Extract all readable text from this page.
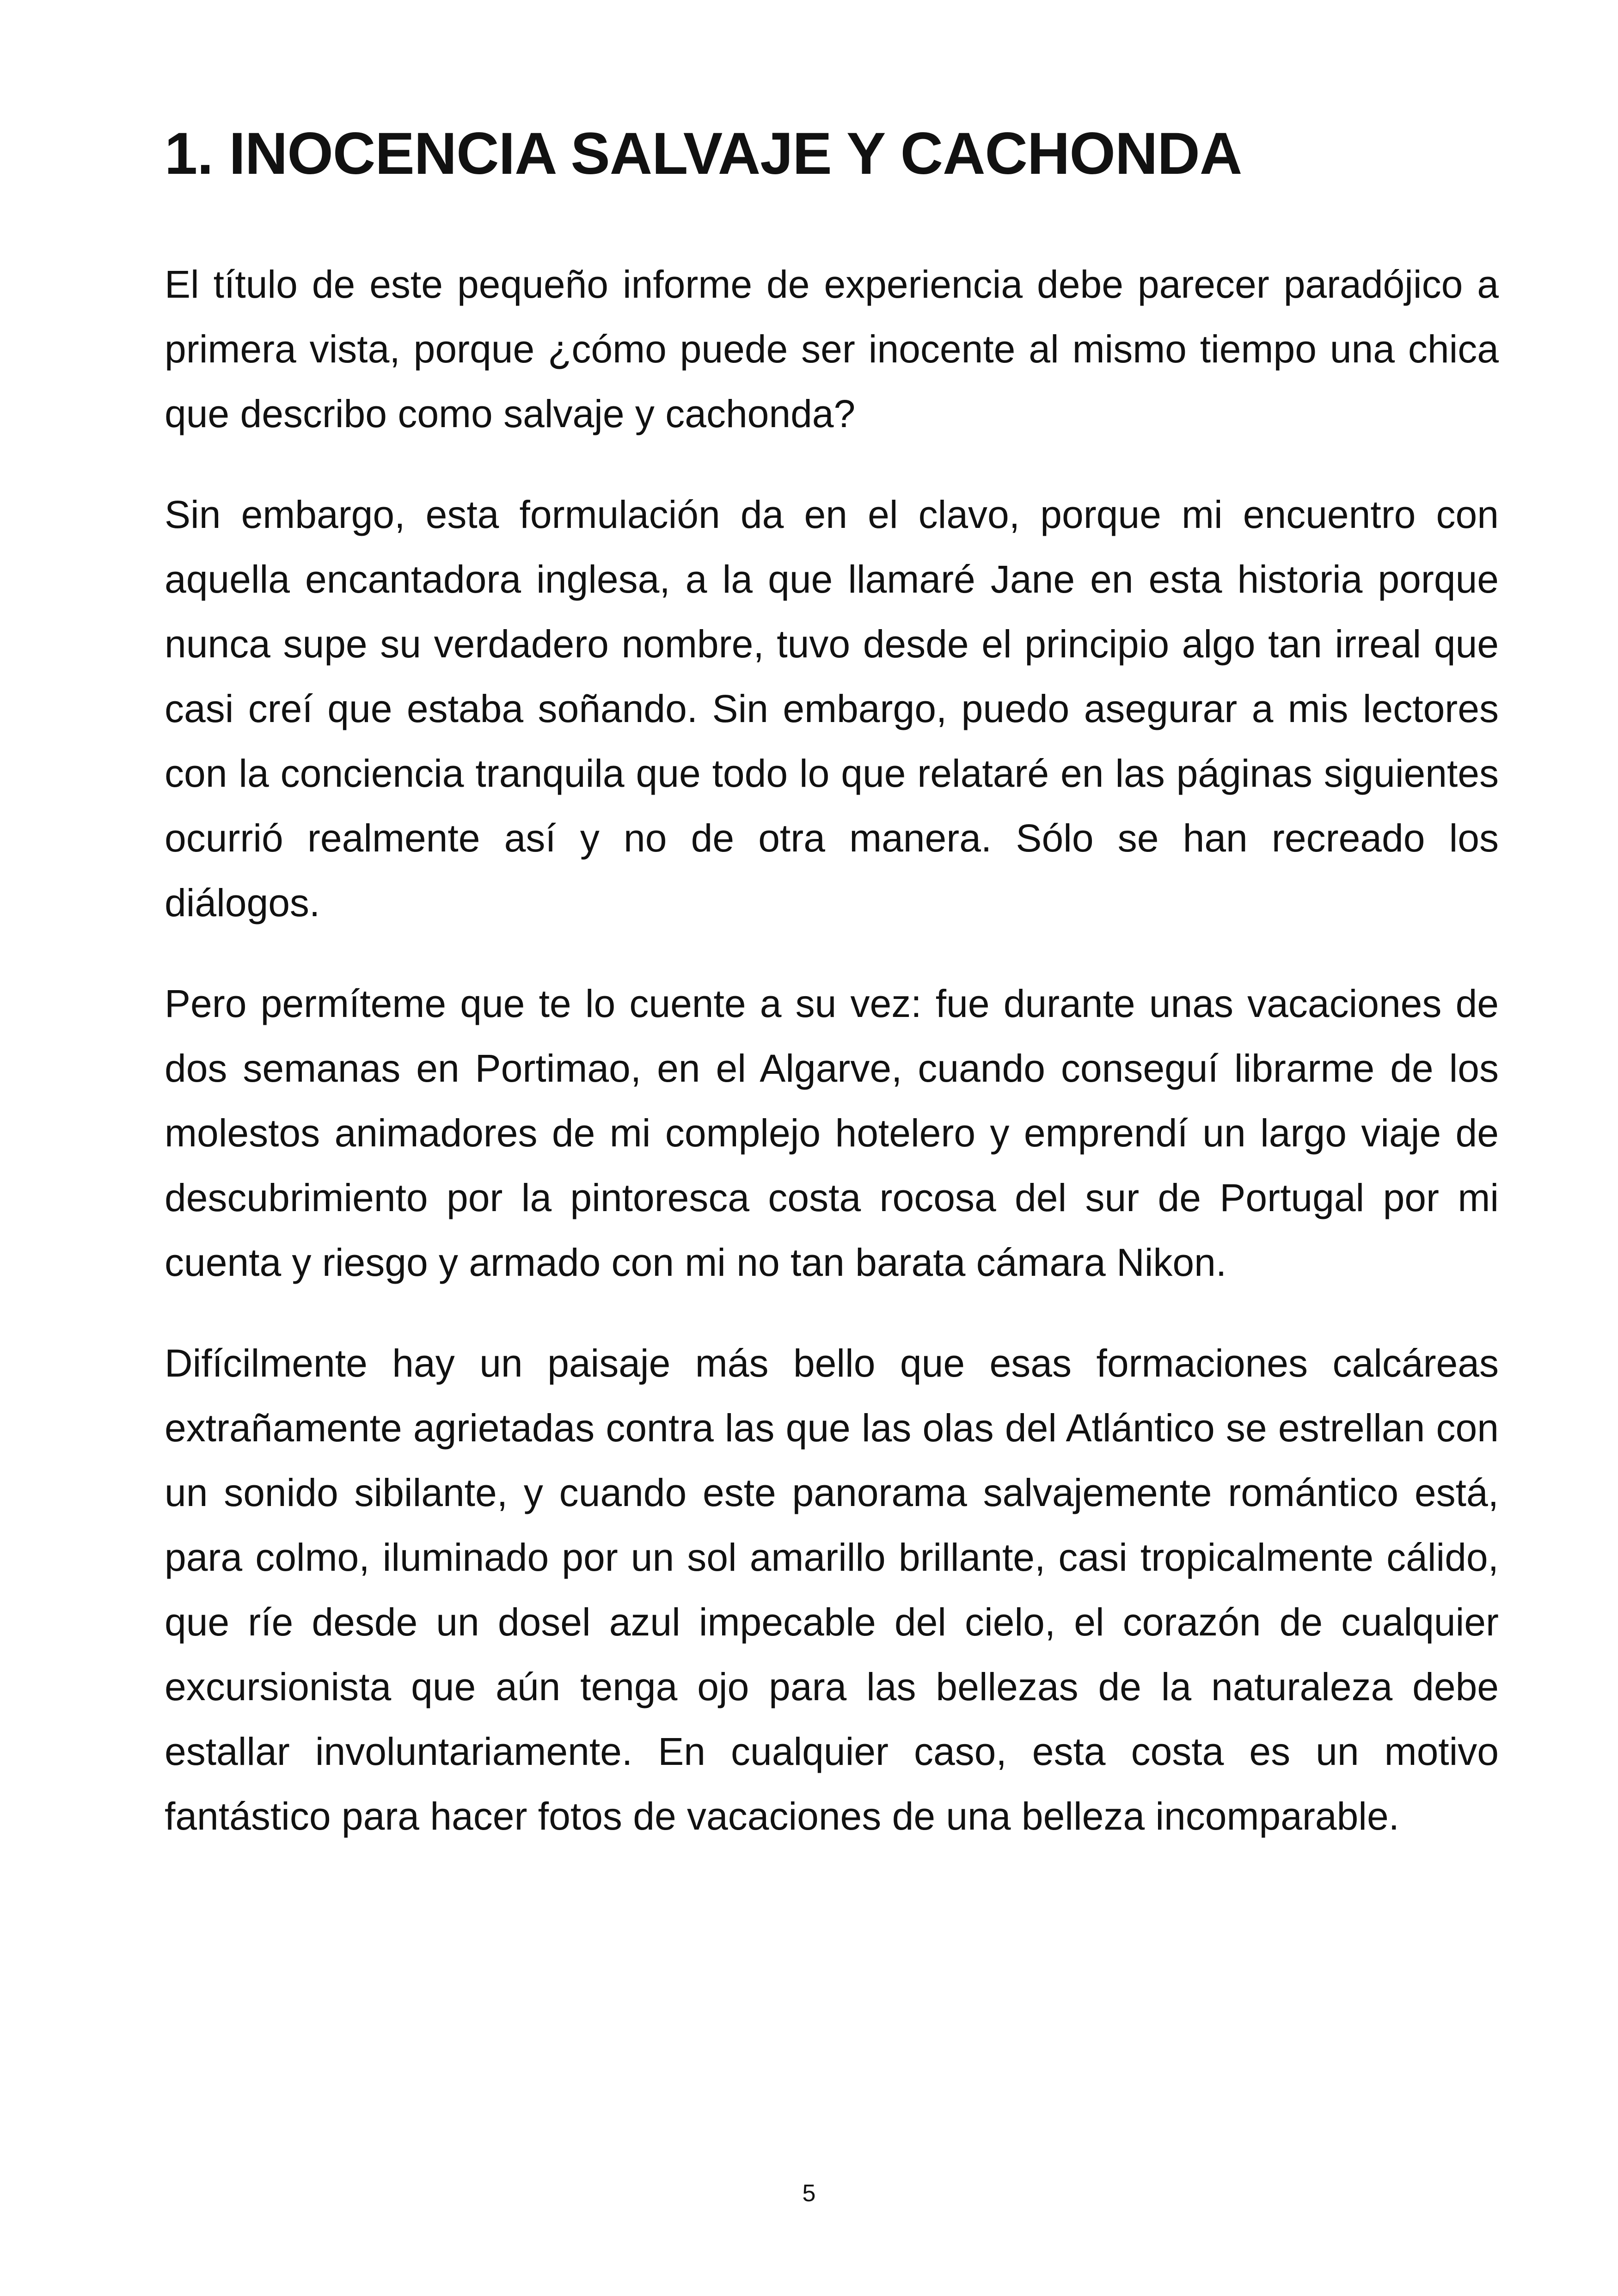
1. INOCENCIA SALVAJE Y CACHONDA

El título de este pequeño informe de experiencia debe parecer paradójico a primera vista, porque ¿cómo puede ser inocente al mismo tiempo una chica que describo como salvaje y cachonda?

Sin embargo, esta formulación da en el clavo, porque mi encuentro con aquella encantadora inglesa, a la que llamaré Jane en esta historia porque nunca supe su verdadero nombre, tuvo desde el principio algo tan irreal que casi creí que estaba soñando. Sin embargo, puedo asegurar a mis lectores con la conciencia tranquila que todo lo que relataré en las páginas siguientes ocurrió realmente así y no de otra manera. Sólo se han recreado los diálogos.

Pero permíteme que te lo cuente a su vez: fue durante unas vacaciones de dos semanas en Portimao, en el Algarve, cuando conseguí librarme de los molestos animadores de mi complejo hotelero y emprendí un largo viaje de descubrimiento por la pintoresca costa rocosa del sur de Portugal por mi cuenta y riesgo y armado con mi no tan barata cámara Nikon.

Difícilmente hay un paisaje más bello que esas formaciones calcáreas extrañamente agrietadas contra las que las olas del Atlántico se estrellan con un sonido sibilante, y cuando este panorama salvajemente romántico está, para colmo, iluminado por un sol amarillo brillante, casi tropicalmente cálido, que ríe desde un dosel azul impecable del cielo, el corazón de cualquier excursionista que aún tenga ojo para las bellezas de la naturaleza debe estallar involuntariamente. En cualquier caso, esta costa es un motivo fantástico para hacer fotos de vacaciones de una belleza incomparable.

5
